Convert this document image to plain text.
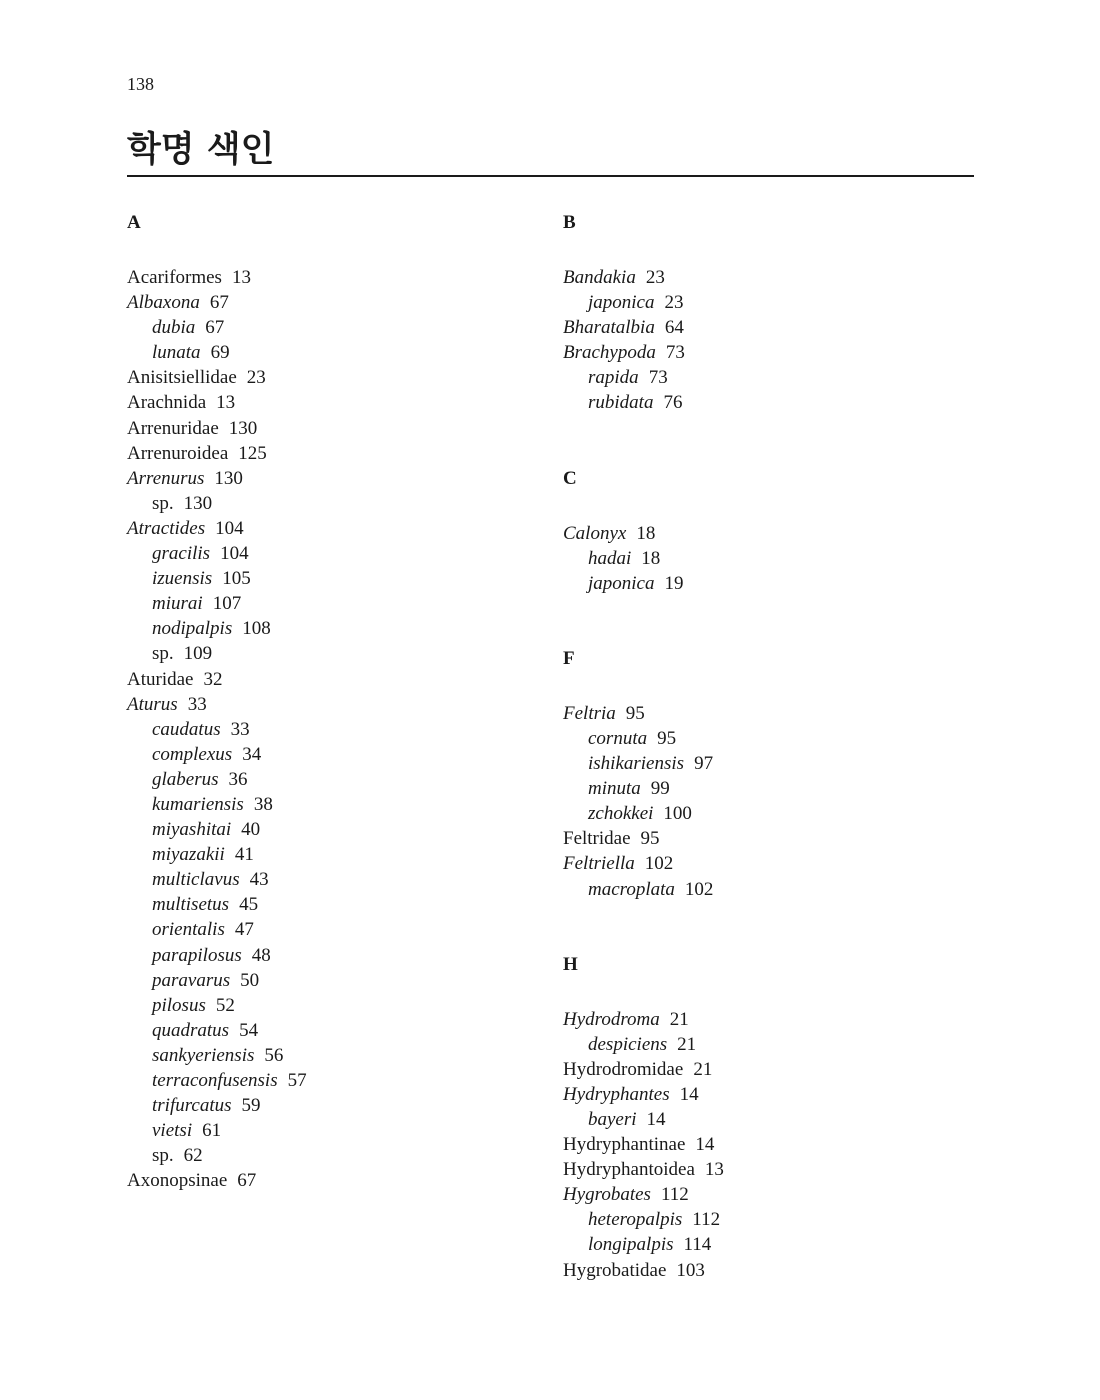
138
학명 색인
A
Acariformes 13
Albaxona 67
dubia 67
lunata 69
Anisitsiellidae 23
Arachnida 13
Arrenuridae 130
Arrenuroidea 125
Arrenurus 130
sp. 130
Atractides 104
gracilis 104
izuensis 105
miurai 107
nodipalpis 108
sp. 109
Aturidae 32
Aturus 33
caudatus 33
complexus 34
glaberus 36
kumariensis 38
miyashitai 40
miyazakii 41
multiclavus 43
multisetus 45
orientalis 47
parapilosus 48
paravarus 50
pilosus 52
quadratus 54
sankyeriensis 56
terraconfusensis 57
trifurcatus 59
vietsi 61
sp. 62
Axonopsinae 67
B
Bandakia 23
japonica 23
Bharatalbia 64
Brachypoda 73
rapida 73
rubidata 76
C
Calonyx 18
hadai 18
japonica 19
F
Feltria 95
cornuta 95
ishikariensis 97
minuta 99
zchokkei 100
Feltridae 95
Feltriella 102
macroplata 102
H
Hydrodroma 21
despiciens 21
Hydrodromidae 21
Hydryphantes 14
bayeri 14
Hydryphantinae 14
Hydryphantoidea 13
Hygrobates 112
heteropalpis 112
longipalpis 114
Hygrobatidae 103
